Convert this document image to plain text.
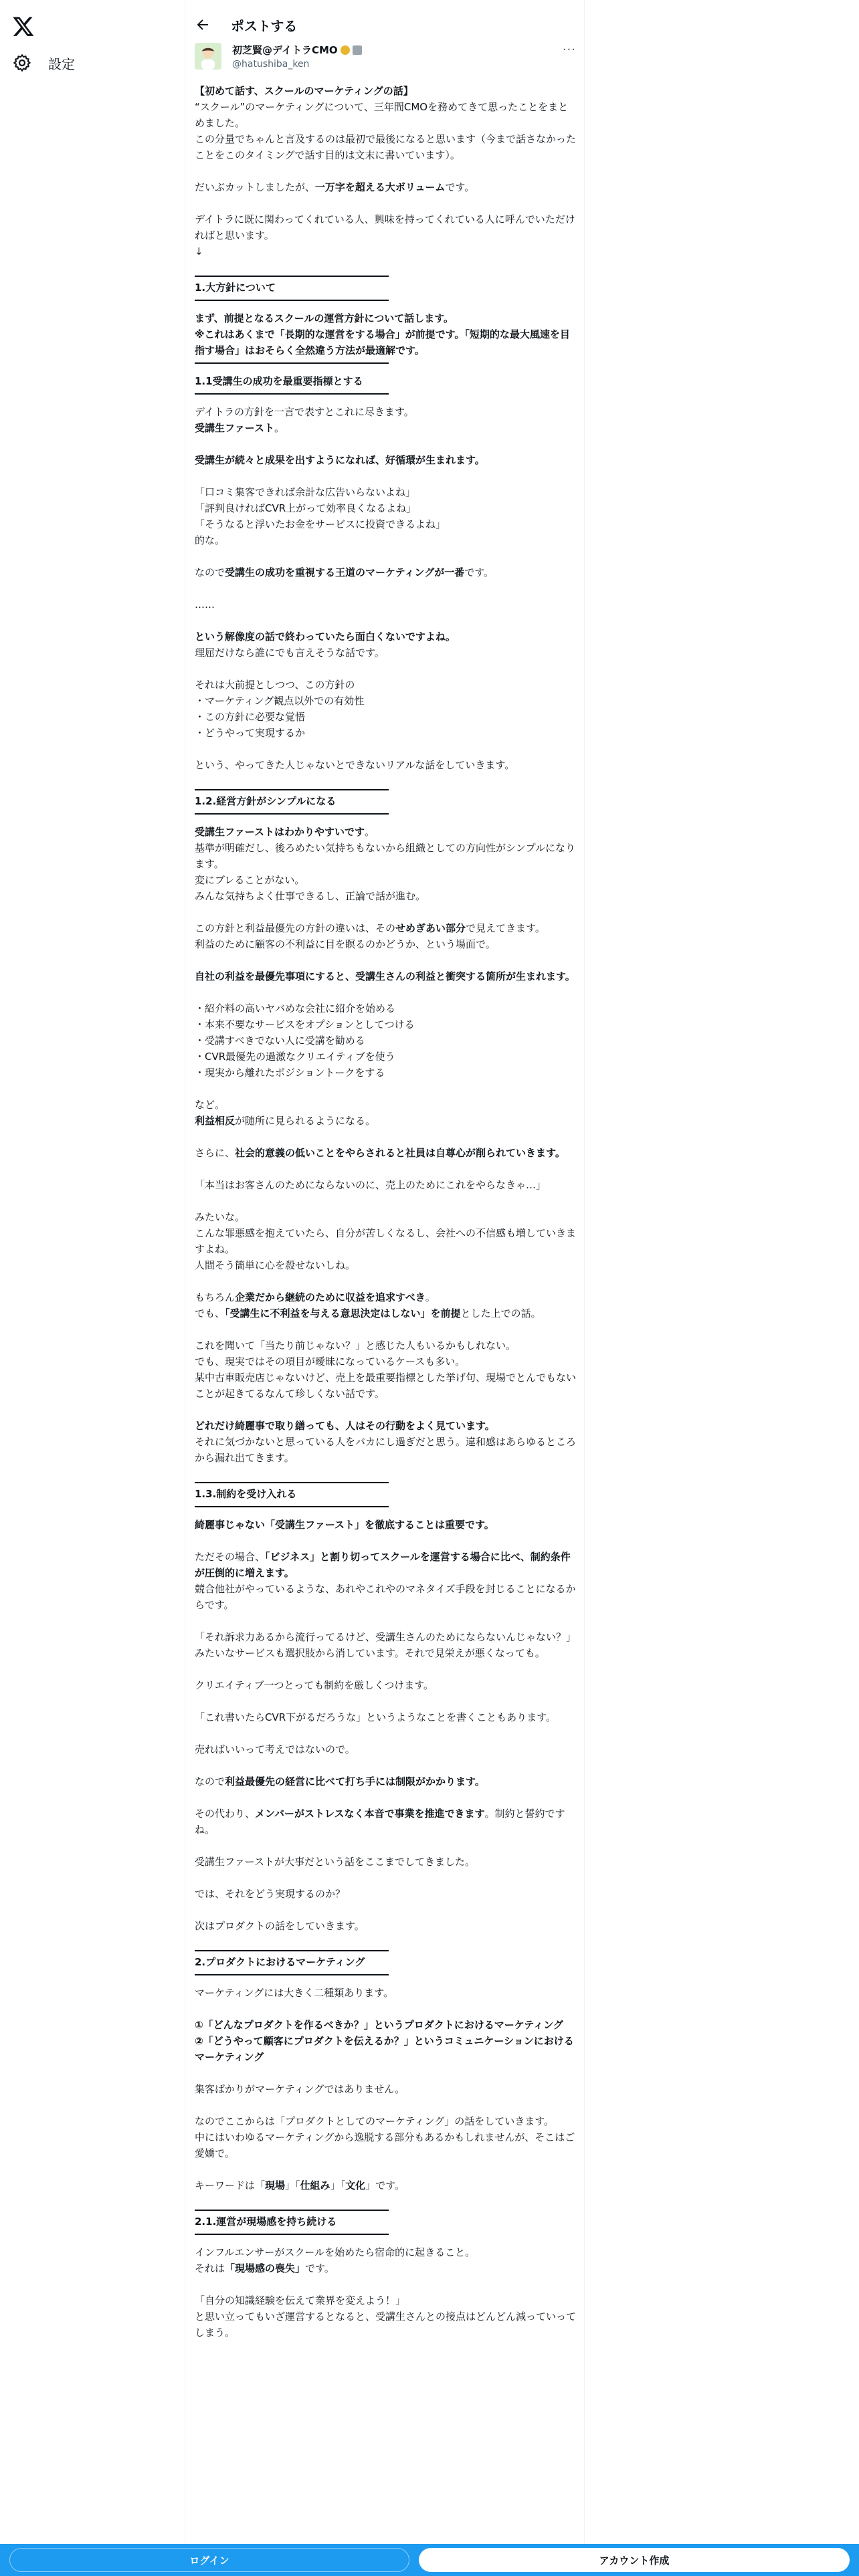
設定
ポストする
初芝賢@デイトラCMO
@hatushiba_ken
···

【初めて話す、スクールのマーケティングの話】
“スクール”のマーケティングについて、三年間CMOを務めてきて思ったことをまとめました。
この分量でちゃんと言及するのは最初で最後になると思います（今まで話さなかったことをこのタイミングで話す目的は文末に書いています）。

だいぶカットしましたが、一万字を超える大ボリュームです。

デイトラに既に関わってくれている人、興味を持ってくれている人に呼んでいただければと思います。

↓

1.大方針について
まず、前提となるスクールの運営方針について話します。
※これはあくまで「長期的な運営をする場合」が前提です。「短期的な最大風速を目指す場合」はおそらく全然違う方法が最適解です。
1.1受講生の成功を最重要指標とする

デイトラの方針を一言で表すとこれに尽きます。
受講生ファースト。

受講生が続々と成果を出すようになれば、好循環が生まれます。

「口コミ集客できれば余計な広告いらないよね」
「評判良ければCVR上がって効率良くなるよね」
「そうなると浮いたお金をサービスに投資できるよね」
的な。

なので受講生の成功を重視する王道のマーケティングが一番です。

……

という解像度の話で終わっていたら面白くないですよね。
理屈だけなら誰にでも言えそうな話です。

それは大前提としつつ、この方針の
・マーケティング観点以外での有効性
・この方針に必要な覚悟
・どうやって実現するか

という、やってきた人じゃないとできないリアルな話をしていきます。

1.2.経営方針がシンプルになる

受講生ファーストはわかりやすいです。
基準が明確だし、後ろめたい気持ちもないから組織としての方向性がシンプルになります。
変にブレることがない。
みんな気持ちよく仕事できるし、正論で話が進む。

この方針と利益最優先の方針の違いは、そのせめぎあい部分で見えてきます。
利益のために顧客の不利益に目を瞑るのかどうか、という場面で。

自社の利益を最優先事項にすると、受講生さんの利益と衝突する箇所が生まれます。

・紹介料の高いヤバめな会社に紹介を始める
・本来不要なサービスをオプションとしてつける
・受講すべきでない人に受講を勧める
・CVR最優先の過激なクリエイティブを使う
・現実から離れたポジショントークをする

など。
利益相反が随所に見られるようになる。

さらに、社会的意義の低いことをやらされると社員は自尊心が削られていきます。

「本当はお客さんのためにならないのに、売上のためにこれをやらなきゃ…」

みたいな。
こんな罪悪感を抱えていたら、自分が苦しくなるし、会社への不信感も増していきますよね。
人間そう簡単に心を殺せないしね。

もちろん企業だから継続のために収益を追求すべき。
でも、「受講生に不利益を与える意思決定はしない」を前提とした上での話。

これを聞いて「当たり前じゃない？」と感じた人もいるかもしれない。
でも、現実ではその項目が曖昧になっているケースも多い。
某中古車販売店じゃないけど、売上を最重要指標とした挙げ句、現場でとんでもないことが起きてるなんて珍しくない話です。

どれだけ綺麗事で取り繕っても、人はその行動をよく見ています。
それに気づかないと思っている人をバカにし過ぎだと思う。違和感はあらゆるところから漏れ出てきます。

1.3.制約を受け入れる

綺麗事じゃない「受講生ファースト」を徹底することは重要です。

ただその場合、「ビジネス」と割り切ってスクールを運営する場合に比べ、制約条件が圧倒的に増えます。
競合他社がやっているような、あれやこれやのマネタイズ手段を封じることになるからです。

「それ訴求力あるから流行ってるけど、受講生さんのためにならないんじゃない？」
みたいなサービスも選択肢から消しています。それで見栄えが悪くなっても。

クリエイティブ一つとっても制約を厳しくつけます。

「これ書いたらCVR下がるだろうな」というようなことを書くこともあります。

売ればいいって考えではないので。

なので利益最優先の経営に比べて打ち手には制限がかかります。

その代わり、メンバーがストレスなく本音で事業を推進できます。制約と誓約ですね。

受講生ファーストが大事だという話をここまでしてきました。

では、それをどう実現するのか？

次はプロダクトの話をしていきます。

2.プロダクトにおけるマーケティング

マーケティングには大きく二種類あります。

①「どんなプロダクトを作るべきか？」というプロダクトにおけるマーケティング
②「どうやって顧客にプロダクトを伝えるか？」というコミュニケーションにおけるマーケティング

集客ばかりがマーケティングではありません。

なのでここからは「プロダクトとしてのマーケティング」の話をしていきます。
中にはいわゆるマーケティングから逸脱する部分もあるかもしれませんが、そこはご愛嬌で。

キーワードは「現場」「仕組み」「文化」です。

2.1.運営が現場感を持ち続ける

インフルエンサーがスクールを始めたら宿命的に起きること。
それは「現場感の喪失」です。

「自分の知識経験を伝えて業界を変えよう！」
と思い立ってもいざ運営するとなると、受講生さんとの接点はどんどん減っていってしまう。

ログイン	アカウント作成
